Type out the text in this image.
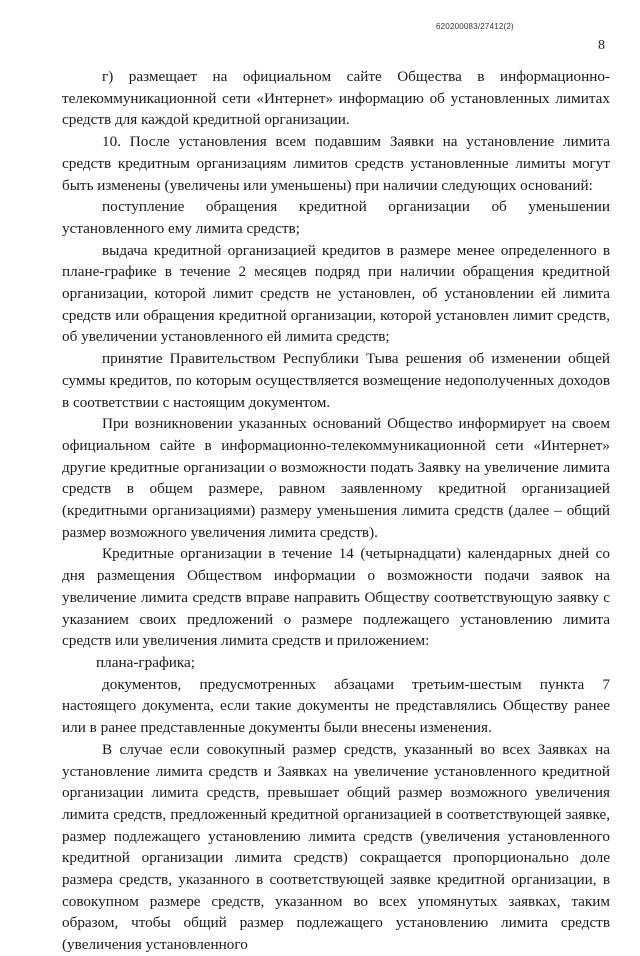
620200083/27412(2)
8

г) размещает на официальном сайте Общества в информационно-телекоммуникационной сети «Интернет» информацию об установленных лимитах средств для каждой кредитной организации.

10. После установления всем подавшим Заявки на установление лимита средств кредитным организациям лимитов средств установленные лимиты могут быть изменены (увеличены или уменьшены) при наличии следующих оснований:

поступление обращения кредитной организации об уменьшении установленного ему лимита средств;

выдача кредитной организацией кредитов в размере менее определенного в плане-графике в течение 2 месяцев подряд при наличии обращения кредитной организации, которой лимит средств не установлен, об установлении ей лимита средств или обращения кредитной организации, которой установлен лимит средств, об увеличении установленного ей лимита средств;

принятие Правительством Республики Тыва решения об изменении общей суммы кредитов, по которым осуществляется возмещение недополученных доходов в соответствии с настоящим документом.

При возникновении указанных оснований Общество информирует на своем официальном сайте в информационно-телекоммуникационной сети «Интернет» другие кредитные организации о возможности подать Заявку на увеличение лимита средств в общем размере, равном заявленному кредитной организацией (кредитными организациями) размеру уменьшения лимита средств (далее – общий размер возможного увеличения лимита средств).

Кредитные организации в течение 14 (четырнадцати) календарных дней со дня размещения Обществом информации о возможности подачи заявок на увеличение лимита средств вправе направить Обществу соответствующую заявку с указанием своих предложений о размере подлежащего установлению лимита средств или увеличения лимита средств и приложением:

плана-графика;

документов, предусмотренных абзацами третьим-шестым пункта 7 настоящего документа, если такие документы не представлялись Обществу ранее или в ранее представленные документы были внесены изменения.

В случае если совокупный размер средств, указанный во всех Заявках на установление лимита средств и Заявках на увеличение установленного кредитной организации лимита средств, превышает общий размер возможного увеличения лимита средств, предложенный кредитной организацией в соответствующей заявке, размер подлежащего установлению лимита средств (увеличения установленного кредитной организации лимита средств) сокращается пропорционально доле размера средств, указанного в соответствующей заявке кредитной организации, в совокупном размере средств, указанном во всех упомянутых заявках, таким образом, чтобы общий размер подлежащего установлению лимита средств (увеличения установленного
